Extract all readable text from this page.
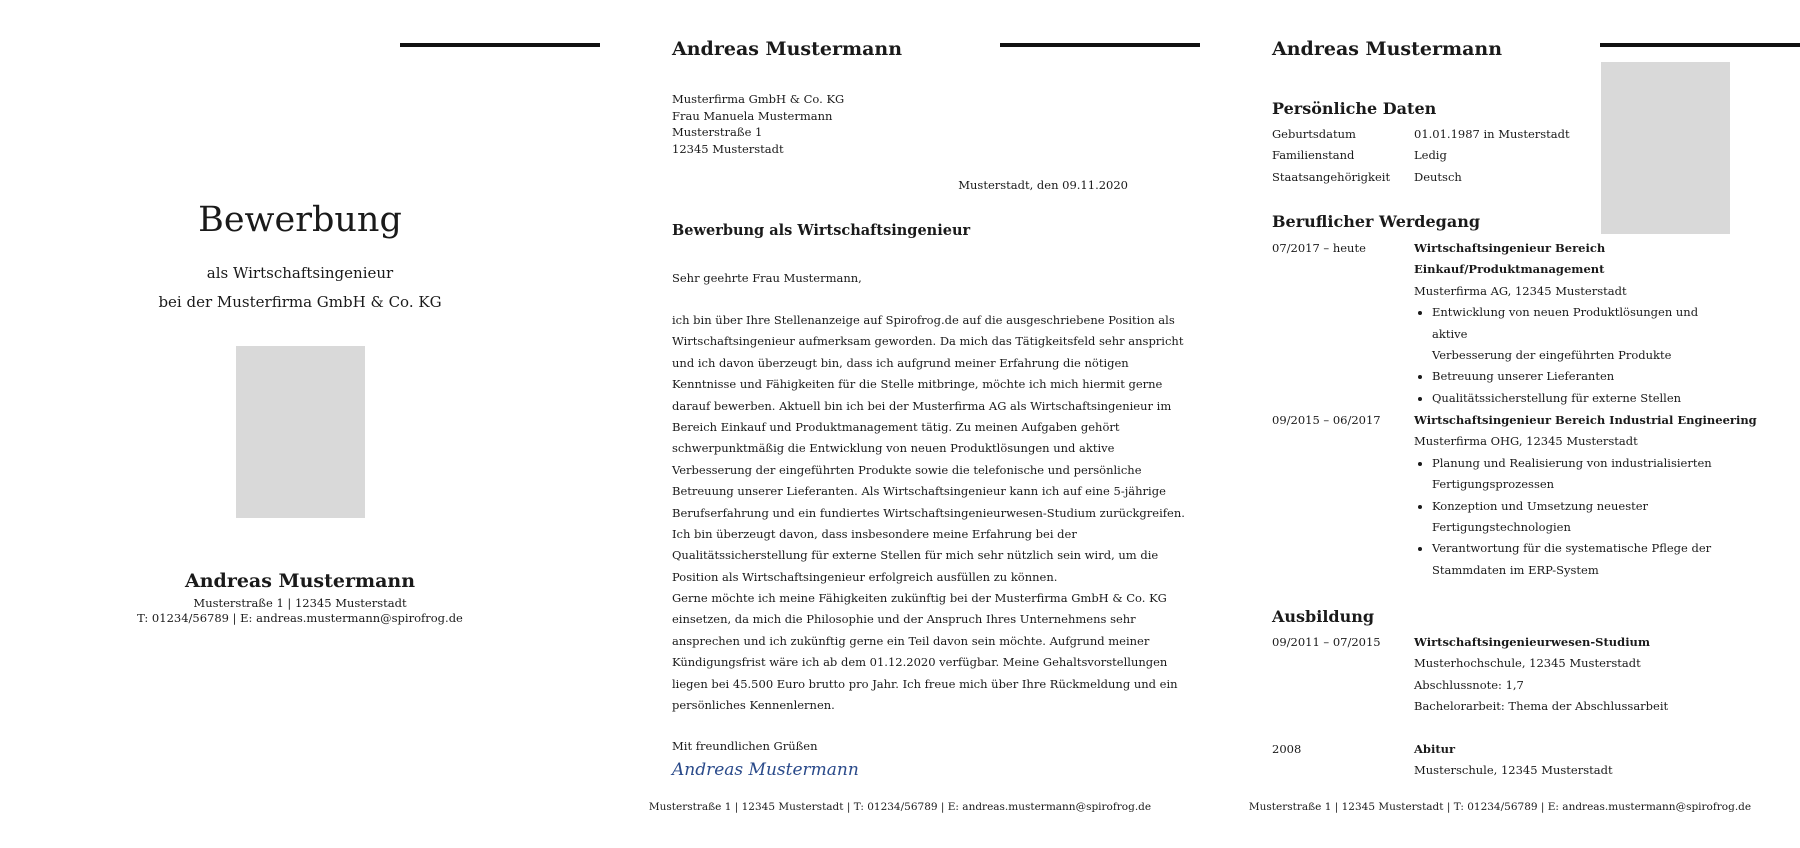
Bewerbung
als Wirtschaftsingenieur
bei der Musterfirma GmbH & Co. KG
Andreas Mustermann
Musterstraße 1 | 12345 Musterstadt
T: 01234/56789 | E: andreas.mustermann@spirofrog.de
Andreas Mustermann
Musterfirma GmbH & Co. KG
Frau Manuela Mustermann
Musterstraße 1
12345 Musterstadt
Musterstadt, den 09.11.2020
Bewerbung als Wirtschaftsingenieur
Sehr geehrte Frau Mustermann,
ich bin über Ihre Stellenanzeige auf Spirofrog.de auf die ausgeschriebene Position als
Wirtschaftsingenieur aufmerksam geworden. Da mich das Tätigkeitsfeld sehr anspricht
und ich davon überzeugt bin, dass ich aufgrund meiner Erfahrung die nötigen
Kenntnisse und Fähigkeiten für die Stelle mitbringe, möchte ich mich hiermit gerne
darauf bewerben. Aktuell bin ich bei der Musterfirma AG als Wirtschaftsingenieur im
Bereich Einkauf und Produktmanagement tätig. Zu meinen Aufgaben gehört
schwerpunktmäßig die Entwicklung von neuen Produktlösungen und aktive
Verbesserung der eingeführten Produkte sowie die telefonische und persönliche
Betreuung unserer Lieferanten. Als Wirtschaftsingenieur kann ich auf eine 5-jährige
Berufserfahrung und ein fundiertes Wirtschaftsingenieurwesen-Studium zurückgreifen.
Ich bin überzeugt davon, dass insbesondere meine Erfahrung bei der
Qualitätssicherstellung für externe Stellen für mich sehr nützlich sein wird, um die
Position als Wirtschaftsingenieur erfolgreich ausfüllen zu können.
Gerne möchte ich meine Fähigkeiten zukünftig bei der Musterfirma GmbH & Co. KG
einsetzen, da mich die Philosophie und der Anspruch Ihres Unternehmens sehr
ansprechen und ich zukünftig gerne ein Teil davon sein möchte. Aufgrund meiner
Kündigungsfrist wäre ich ab dem 01.12.2020 verfügbar. Meine Gehaltsvorstellungen
liegen bei 45.500 Euro brutto pro Jahr. Ich freue mich über Ihre Rückmeldung und ein
persönliches Kennenlernen.
Mit freundlichen Grüßen
Andreas Mustermann
Musterstraße 1 | 12345 Musterstadt | T: 01234/56789 | E: andreas.mustermann@spirofrog.de
Andreas Mustermann
Persönliche Daten
Geburtsdatum	01.01.1987 in Musterstadt
Familienstand	Ledig
Staatsangehörigkeit Deutsch
Beruflicher Werdegang
07/2017 – heute	Wirtschaftsingenieur Bereich
Einkauf/Produktmanagement
Musterfirma AG, 12345 Musterstadt
• Entwicklung von neuen Produktlösungen und aktive
Verbesserung der eingeführten Produkte
• Betreuung unserer Lieferanten
• Qualitätssicherstellung für externe Stellen
09/2015 – 06/2017	Wirtschaftsingenieur Bereich Industrial Engineering
Musterfirma OHG, 12345 Musterstadt
• Planung und Realisierung von industrialisierten
Fertigungsprozessen
• Konzeption und Umsetzung neuester
Fertigungstechnologien
• Verantwortung für die systematische Pflege der
Stammdaten im ERP-System
Ausbildung
09/2011 – 07/2015	Wirtschaftsingenieurwesen-Studium
Musterhochschule, 12345 Musterstadt
Abschlussnote: 1,7
Bachelorarbeit: Thema der Abschlussarbeit
2008	Abitur
Musterschule, 12345 Musterstadt
Musterstraße 1 | 12345 Musterstadt | T: 01234/56789 | E: andreas.mustermann@spirofrog.de
